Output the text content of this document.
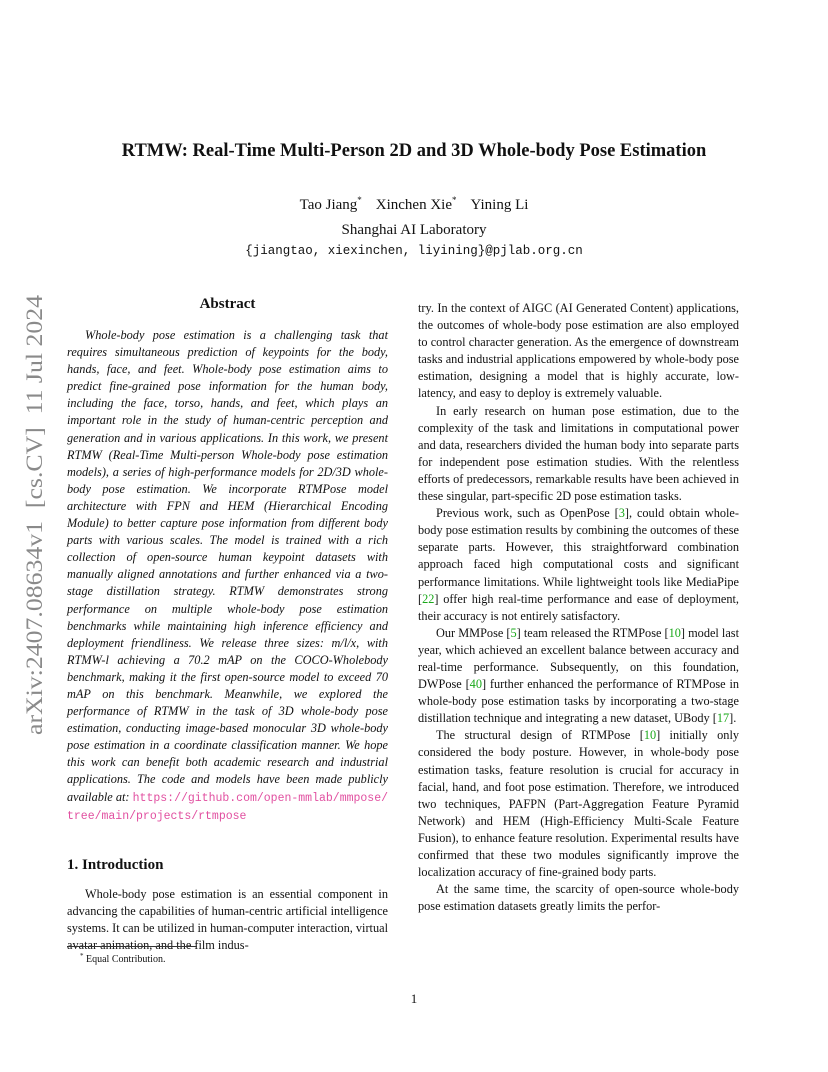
arXiv:2407.08634v1  [cs.CV]  11 Jul 2024
RTMW: Real-Time Multi-Person 2D and 3D Whole-body Pose Estimation
Tao Jiang* Xinchen Xie* Yining Li
Shanghai AI Laboratory
{jiangtao, xiexinchen, liyining}@pjlab.org.cn
Abstract

Whole-body pose estimation is a challenging task that requires simultaneous prediction of keypoints for the body, hands, face, and feet. Whole-body pose estimation aims to predict fine-grained pose information for the human body, including the face, torso, hands, and feet, which plays an important role in the study of human-centric perception and generation and in various applications. In this work, we present RTMW (Real-Time Multi-person Whole-body pose estimation models), a series of high-performance models for 2D/3D whole-body pose estimation. We incorporate RTMPose model architecture with FPN and HEM (Hierarchical Encoding Module) to better capture pose information from different body parts with various scales. The model is trained with a rich collection of open-source human keypoint datasets with manually aligned annotations and further enhanced via a two-stage distillation strategy. RTMW demonstrates strong performance on multiple whole-body pose estimation benchmarks while maintaining high inference efficiency and deployment friendliness. We release three sizes: m/l/x, with RTMW-l achieving a 70.2 mAP on the COCO-Wholebody benchmark, making it the first open-source model to exceed 70 mAP on this benchmark. Meanwhile, we explored the performance of RTMW in the task of 3D whole-body pose estimation, conducting image-based monocular 3D whole-body pose estimation in a coordinate classification manner. We hope this work can benefit both academic research and industrial applications. The code and models have been made publicly available at: https://github.com/open-mmlab/mmpose/tree/main/projects/rtmpose

1. Introduction

Whole-body pose estimation is an essential component in advancing the capabilities of human-centric artificial intelligence systems. It can be utilized in human-computer interaction, virtual avatar animation, and the film indus-

try. In the context of AIGC (AI Generated Content) applications, the outcomes of whole-body pose estimation are also employed to control character generation. As the emergence of downstream tasks and industrial applications empowered by whole-body pose estimation, designing a model that is highly accurate, low-latency, and easy to deploy is extremely valuable.

In early research on human pose estimation, due to the complexity of the task and limitations in computational power and data, researchers divided the human body into separate parts for independent pose estimation studies. With the relentless efforts of predecessors, remarkable results have been achieved in these singular, part-specific 2D pose estimation tasks.

Previous work, such as OpenPose [3], could obtain whole-body pose estimation results by combining the outcomes of these separate parts. However, this straightforward combination approach faced high computational costs and significant performance limitations. While lightweight tools like MediaPipe [22] offer high real-time performance and ease of deployment, their accuracy is not entirely satisfactory.

Our MMPose [5] team released the RTMPose [10] model last year, which achieved an excellent balance between accuracy and real-time performance. Subsequently, on this foundation, DWPose [40] further enhanced the performance of RTMPose in whole-body pose estimation tasks by incorporating a two-stage distillation technique and integrating a new dataset, UBody [17].

The structural design of RTMPose [10] initially only considered the body posture. However, in whole-body pose estimation tasks, feature resolution is crucial for accuracy in facial, hand, and foot pose estimation. Therefore, we introduced two techniques, PAFPN (Part-Aggregation Feature Pyramid Network) and HEM (High-Efficiency Multi-Scale Feature Fusion), to enhance feature resolution. Experimental results have confirmed that these two modules significantly improve the localization accuracy of fine-grained body parts.

At the same time, the scarcity of open-source whole-body pose estimation datasets greatly limits the perfor-

* Equal Contribution.
1
